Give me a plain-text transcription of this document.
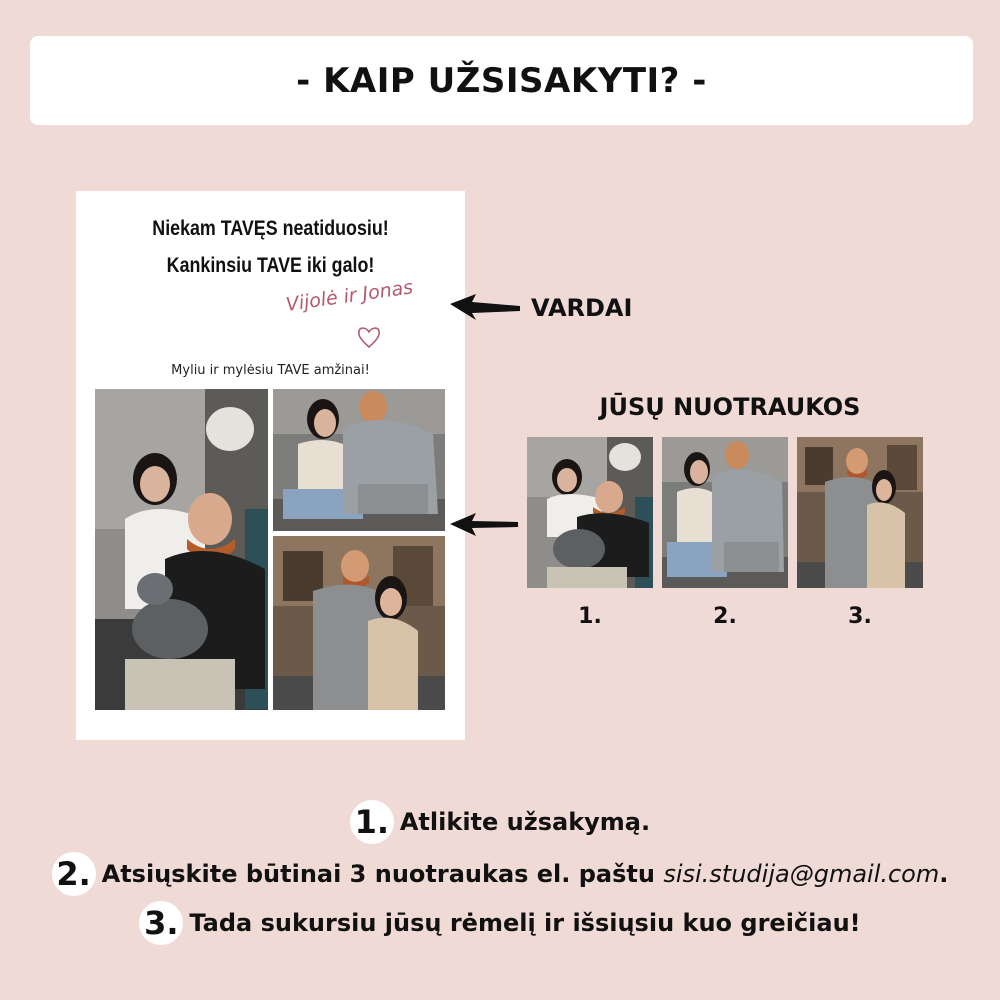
- KAIP UŽSISAKYTI? -
Niekam TAVĘS neatiduosiu!
Kankinsiu TAVE iki galo!
Vijolė ir Jonas
Myliu ir mylėsiu TAVE amžinai!
VARDAI
JŪSŲ NUOTRAUKOS
1.	2.	3.
1. Atlikite užsakymą.
2. Atsiųskite būtinai 3 nuotraukas el. paštu sisi.studija@gmail.com .
3. Tada sukursiu jūsų rėmelį ir išsiųsiu kuo greičiau!
